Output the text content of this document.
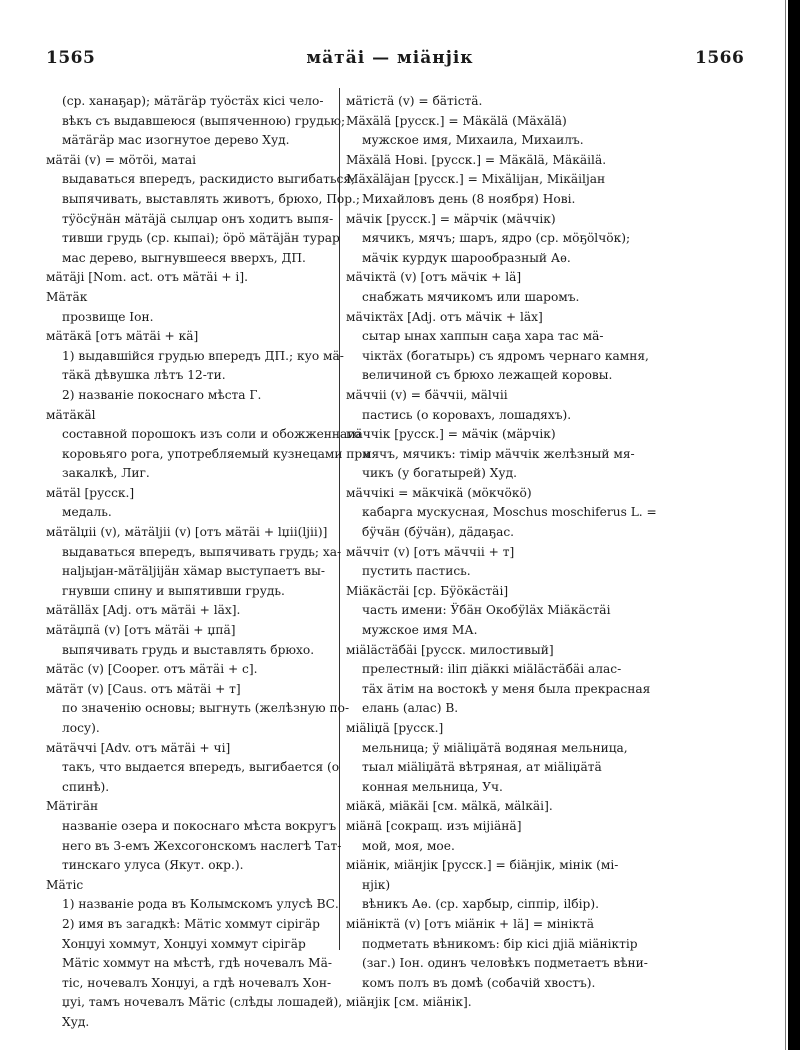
1565	мӓтӓі — міӓнјік	1566
(ср. ханаҕар); мӓтӓгӓр туӧстӓх кісі чело-
вѣкъ съ выдавшеюся (выпяченною) грудью;
мӓтӓгӓр мас изогнутое дерево Худ.
мӓтӓі (v) = мӧтӧі, матаі
выдаваться впередъ, раскидисто выгибаться;
выпячивать, выставлять животъ, брюхо, Пор.;
тӱӧсӱнӓн мӓтӓјӓ сылџар онъ ходитъ выпя-
тивши грудь (ср. кыпаі); ӧрӧ мӓтӓјӓн турар
мас дерево, выгнувшееся вверхъ, ДП.
мӓтӓјі [Nom. act. отъ мӓтӓі + і].
Мӓтӓк
прозвище Іон.
мӓтӓкӓ [отъ мӓтӓі + кӓ]
1) выдавшійся грудью впередъ ДП.; куо мӓ-
тӓкӓ дѣвушка лѣтъ 12-ти.
2) названіе покоснаго мѣста Г.
мӓтӓкӓl
составной порошокъ изъ соли и обожженнаго
коровьяго рога, употребляемый кузнецами при
закалкѣ, Лиг.
мӓтӓl [русск.]
медаль.
мӓтӓlџіі (v), мӓтӓljіі (v) [отъ мӓтӓі + lџіі(ljіі)]
выдаваться впередъ, выпячивать грудь; ха-
наljыјан-мӓтӓljіјӓн хӓмар выступаетъ вы-
гнувши спину и выпятивши грудь.
мӓтӓllӓх [Adj. отъ мӓтӓі + lӓх].
мӓтӓџпӓ (v) [отъ мӓтӓі + џпӓ]
выпячивать грудь и выставлять брюхо.
мӓтӓс (v) [Cooper. отъ мӓтӓі + с].
мӓтӓт (v) [Caus. отъ мӓтӓі + т]
по значенію основы; выгнуть (желѣзную по-
лосу).
мӓтӓччі [Adv. отъ мӓтӓі + чі]
такъ, что выдается впередъ, выгибается (о
спинѣ).
Мӓтігӓн
названіе озера и покоснаго мѣста вокругъ
него въ 3-емъ Жехсогонскомъ наслегѣ Тат-
тинскаго улуса (Якут. окр.).
Мӓтіс
1) названіе рода въ Колымскомъ улусѣ ВС.
2) имя въ загадкѣ: Мӓтіс хоммут сірігӓр
Хонџуі хоммут, Хонџуі хоммут сірігӓр
Мӓтіс хоммут на мѣстѣ, гдѣ ночевалъ Мӓ-
тіс, ночевалъ Хонџуі, а гдѣ ночевалъ Хон-
џуі, тамъ ночевалъ Мӓтіс (слѣды лошадей),
Худ.
мӓтістӓ (v) = бӓтістӓ.
Мӓхӓlӓ [русск.] = Мӓкӓlӓ (Мӓхӓlӓ)
мужское имя, Михаила, Михаилъ.
Мӓхӓlӓ Нові. [русск.] = Мӓкӓlӓ, Мӓкӓіlӓ.
Мӓхӓlӓјан [русск.] = Міхӓlіјан, Мікӓіlјан
Михайловъ день (8 ноября) Нові.
мӓчік [русск.] = мӓрчік (мӓччік)
мячикъ, мячъ; шаръ, ядро (ср. мӧҕӧlчӧк);
мӓчік курдук шарообразный Аѳ.
мӓчіктӓ (v) [отъ мӓчік + lӓ]
снабжать мячикомъ или шаромъ.
мӓчіктӓх [Adj. отъ мӓчік + lӓх]
сытар ынах хаппын саҕа хара тас мӓ-
чіктӓх (богатырь) съ ядромъ чернаго камня,
величиной съ брюхо лежащей коровы.
мӓччіі (v) = бӓччіі, мӓlчіі
пастись (о коровахъ, лошадяхъ).
мӓччік [русск.] = мӓчік (мӓрчік)
мячъ, мячикъ: тімір мӓччік желѣзный мя-
чикъ (у богатырей) Худ.
мӓччікі = мӓкчікӓ (мӧкчӧкӧ)
кабарга мускусная, Moschus moschiferus L. =
бӱчӓн (бӱчӓн), дӓдаҕас.
мӓччіт (v) [отъ мӓччіі + т]
пустить пастись.
Міӓкӓстӓі [ср. Бӱӧкӓстӓі]
часть имени: Ӱбӓн Окобӱlӓх Міӓкӓстӓі
мужское имя МА.
міӓlӓстӓбӓі [русск. милостивый]
прелестный: іlіп діӓккі міӓlӓстӓбӓі алас-
тӓх ӓтім на востокѣ у меня была прекрасная
елань (алас) В.
міӓlіџӓ [русск.]
мельница; ӱ міӓlіџӓтӓ водяная мельница,
тыал міӓlіџӓтӓ вѣтряная, ат міӓlіџӓтӓ
конная мельница, Уч.
міӓкӓ, міӓкӓі [см. мӓlкӓ, мӓlкӓі].
міӓнӓ [сокращ. изъ міјіӓнӓ]
мой, моя, мое.
міӓнік, міӓнјік [русск.] = біӓнјік, мінік (мі-
нјік)
вѣникъ Аѳ. (ср. харбыр, сіппір, іlбір).
міӓніктӓ (v) [отъ міӓнік + lӓ] = мініктӓ
подметать вѣникомъ: бір кісі дјіӓ міӓніктір
(заг.) Іон. одинъ человѣкъ подметаетъ вѣни-
комъ полъ въ домѣ (собачій хвостъ).
міӓнјік [см. міӓнік].
